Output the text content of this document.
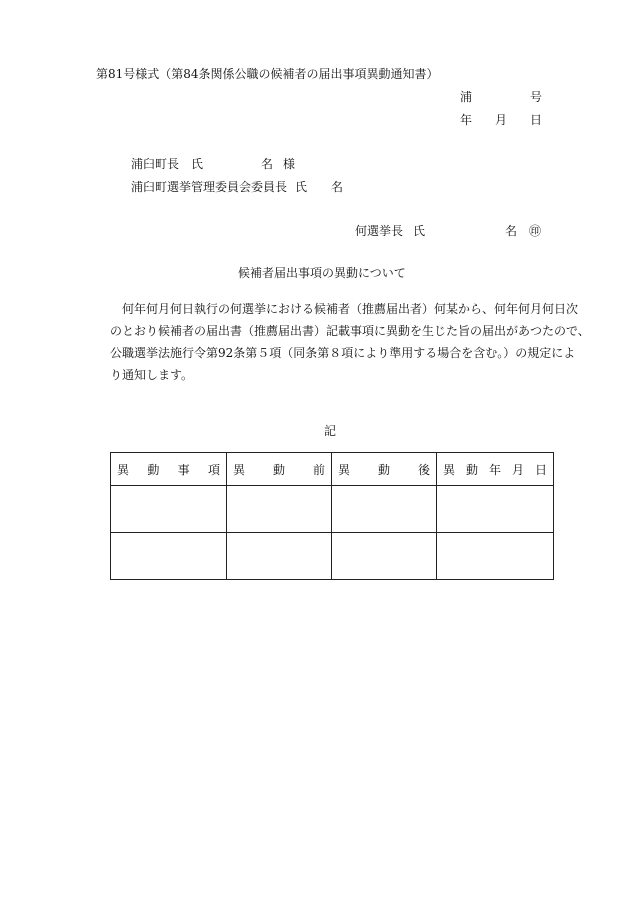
第81号様式（第84条関係公職の候補者の届出事項異動通知書）
浦	号
年 月 日
浦臼町長 氏	名 様
浦臼町選挙管理委員会委員長 氏 名
何選挙長 氏	名 ㊞
候補者届出事項の異動について

何年何月何日執行の何選挙における候補者（推薦届出者）何某から、何年何月何日次

のとおり候補者の届出書（推薦届出書）記載事項に異動を生じた旨の届出があつたので、

公職選挙法施行令第92条第５項（同条第８項により準用する場合を含む。）の規定によ

り通知します。

記
異 動 事 項	異 動 前	異 動 後	異 動 年 月 日
